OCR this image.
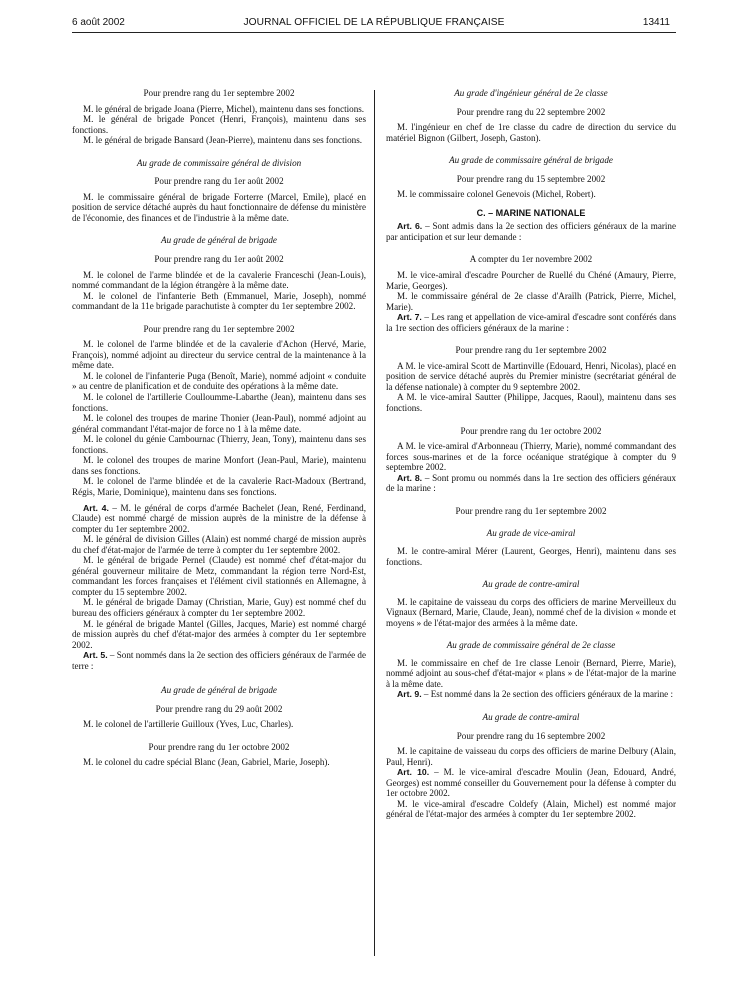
6 août 2002	JOURNAL OFFICIEL DE LA RÉPUBLIQUE FRANÇAISE	13411
Pour prendre rang du 1er septembre 2002

M. le général de brigade Joana (Pierre, Michel), maintenu dans ses fonctions.

M. le général de brigade Poncet (Henri, François), maintenu dans ses fonctions.

M. le général de brigade Bansard (Jean-Pierre), maintenu dans ses fonctions.

Au grade de commissaire général de division
Pour prendre rang du 1er août 2002

M. le commissaire général de brigade Forterre (Marcel, Emile), placé en position de service détaché auprès du haut fonctionnaire de défense du ministère de l'économie, des finances et de l'industrie à la même date.

Au grade de général de brigade
Pour prendre rang du 1er août 2002

M. le colonel de l'arme blindée et de la cavalerie Franceschi (Jean-Louis), nommé commandant de la légion étrangère à la même date.

M. le colonel de l'infanterie Beth (Emmanuel, Marie, Joseph), nommé commandant de la 11e brigade parachutiste à compter du 1er septembre 2002.

Pour prendre rang du 1er septembre 2002

M. le colonel de l'arme blindée et de la cavalerie d'Achon (Hervé, Marie, François), nommé adjoint au directeur du service central de la maintenance à la même date.

M. le colonel de l'infanterie Puga (Benoît, Marie), nommé adjoint « conduite » au centre de planification et de conduite des opérations à la même date.

M. le colonel de l'artillerie Coulloumme-Labarthe (Jean), maintenu dans ses fonctions.

M. le colonel des troupes de marine Thonier (Jean-Paul), nommé adjoint au général commandant l'état-major de force no 1 à la même date.

M. le colonel du génie Cambournac (Thierry, Jean, Tony), maintenu dans ses fonctions.

M. le colonel des troupes de marine Monfort (Jean-Paul, Marie), maintenu dans ses fonctions.

M. le colonel de l'arme blindée et de la cavalerie Ract-Madoux (Bertrand, Régis, Marie, Dominique), maintenu dans ses fonctions.

Art. 4. – M. le général de corps d'armée Bachelet (Jean, René, Ferdinand, Claude) est nommé chargé de mission auprès de la ministre de la défense à compter du 1er septembre 2002.

M. le général de division Gilles (Alain) est nommé chargé de mission auprès du chef d'état-major de l'armée de terre à compter du 1er septembre 2002.

M. le général de brigade Pernel (Claude) est nommé chef d'état-major du général gouverneur militaire de Metz, commandant la région terre Nord-Est, commandant les forces françaises et l'élément civil stationnés en Allemagne, à compter du 15 septembre 2002.

M. le général de brigade Damay (Christian, Marie, Guy) est nommé chef du bureau des officiers généraux à compter du 1er septembre 2002.

M. le général de brigade Mantel (Gilles, Jacques, Marie) est nommé chargé de mission auprès du chef d'état-major des armées à compter du 1er septembre 2002.

Art. 5. – Sont nommés dans la 2e section des officiers généraux de l'armée de terre :

Au grade de général de brigade
Pour prendre rang du 29 août 2002

M. le colonel de l'artillerie Guilloux (Yves, Luc, Charles).

Pour prendre rang du 1er octobre 2002

M. le colonel du cadre spécial Blanc (Jean, Gabriel, Marie, Joseph).

Au grade d'ingénieur général de 2e classe
Pour prendre rang du 22 septembre 2002

M. l'ingénieur en chef de 1re classe du cadre de direction du service du matériel Bignon (Gilbert, Joseph, Gaston).

Au grade de commissaire général de brigade
Pour prendre rang du 15 septembre 2002

M. le commissaire colonel Genevois (Michel, Robert).

C. – MARINE NATIONALE

Art. 6. – Sont admis dans la 2e section des officiers généraux de la marine par anticipation et sur leur demande :

A compter du 1er novembre 2002

M. le vice-amiral d'escadre Pourcher de Ruellé du Chéné (Amaury, Pierre, Marie, Georges).

M. le commissaire général de 2e classe d'Araïlh (Patrick, Pierre, Michel, Marie).

Art. 7. – Les rang et appellation de vice-amiral d'escadre sont conférés dans la 1re section des officiers généraux de la marine :

Pour prendre rang du 1er septembre 2002

A M. le vice-amiral Scott de Martinville (Edouard, Henri, Nicolas), placé en position de service détaché auprès du Premier ministre (secrétariat général de la défense nationale) à compter du 9 septembre 2002.

A M. le vice-amiral Sautter (Philippe, Jacques, Raoul), maintenu dans ses fonctions.

Pour prendre rang du 1er octobre 2002

A M. le vice-amiral d'Arbonneau (Thierry, Marie), nommé commandant des forces sous-marines et de la force océanique stratégique à compter du 9 septembre 2002.

Art. 8. – Sont promu ou nommés dans la 1re section des officiers généraux de la marine :

Pour prendre rang du 1er septembre 2002
Au grade de vice-amiral

M. le contre-amiral Mérer (Laurent, Georges, Henri), maintenu dans ses fonctions.

Au grade de contre-amiral

M. le capitaine de vaisseau du corps des officiers de marine Merveilleux du Vignaux (Bernard, Marie, Claude, Jean), nommé chef de la division « monde et moyens » de l'état-major des armées à la même date.

Au grade de commissaire général de 2e classe

M. le commissaire en chef de 1re classe Lenoir (Bernard, Pierre, Marie), nommé adjoint au sous-chef d'état-major « plans » de l'état-major de la marine à la même date.

Art. 9. – Est nommé dans la 2e section des officiers généraux de la marine :

Au grade de contre-amiral
Pour prendre rang du 16 septembre 2002

M. le capitaine de vaisseau du corps des officiers de marine Delbury (Alain, Paul, Henri).

Art. 10. – M. le vice-amiral d'escadre Moulin (Jean, Edouard, André, Georges) est nommé conseiller du Gouvernement pour la défense à compter du 1er octobre 2002.

M. le vice-amiral d'escadre Coldefy (Alain, Michel) est nommé major général de l'état-major des armées à compter du 1er septembre 2002.
